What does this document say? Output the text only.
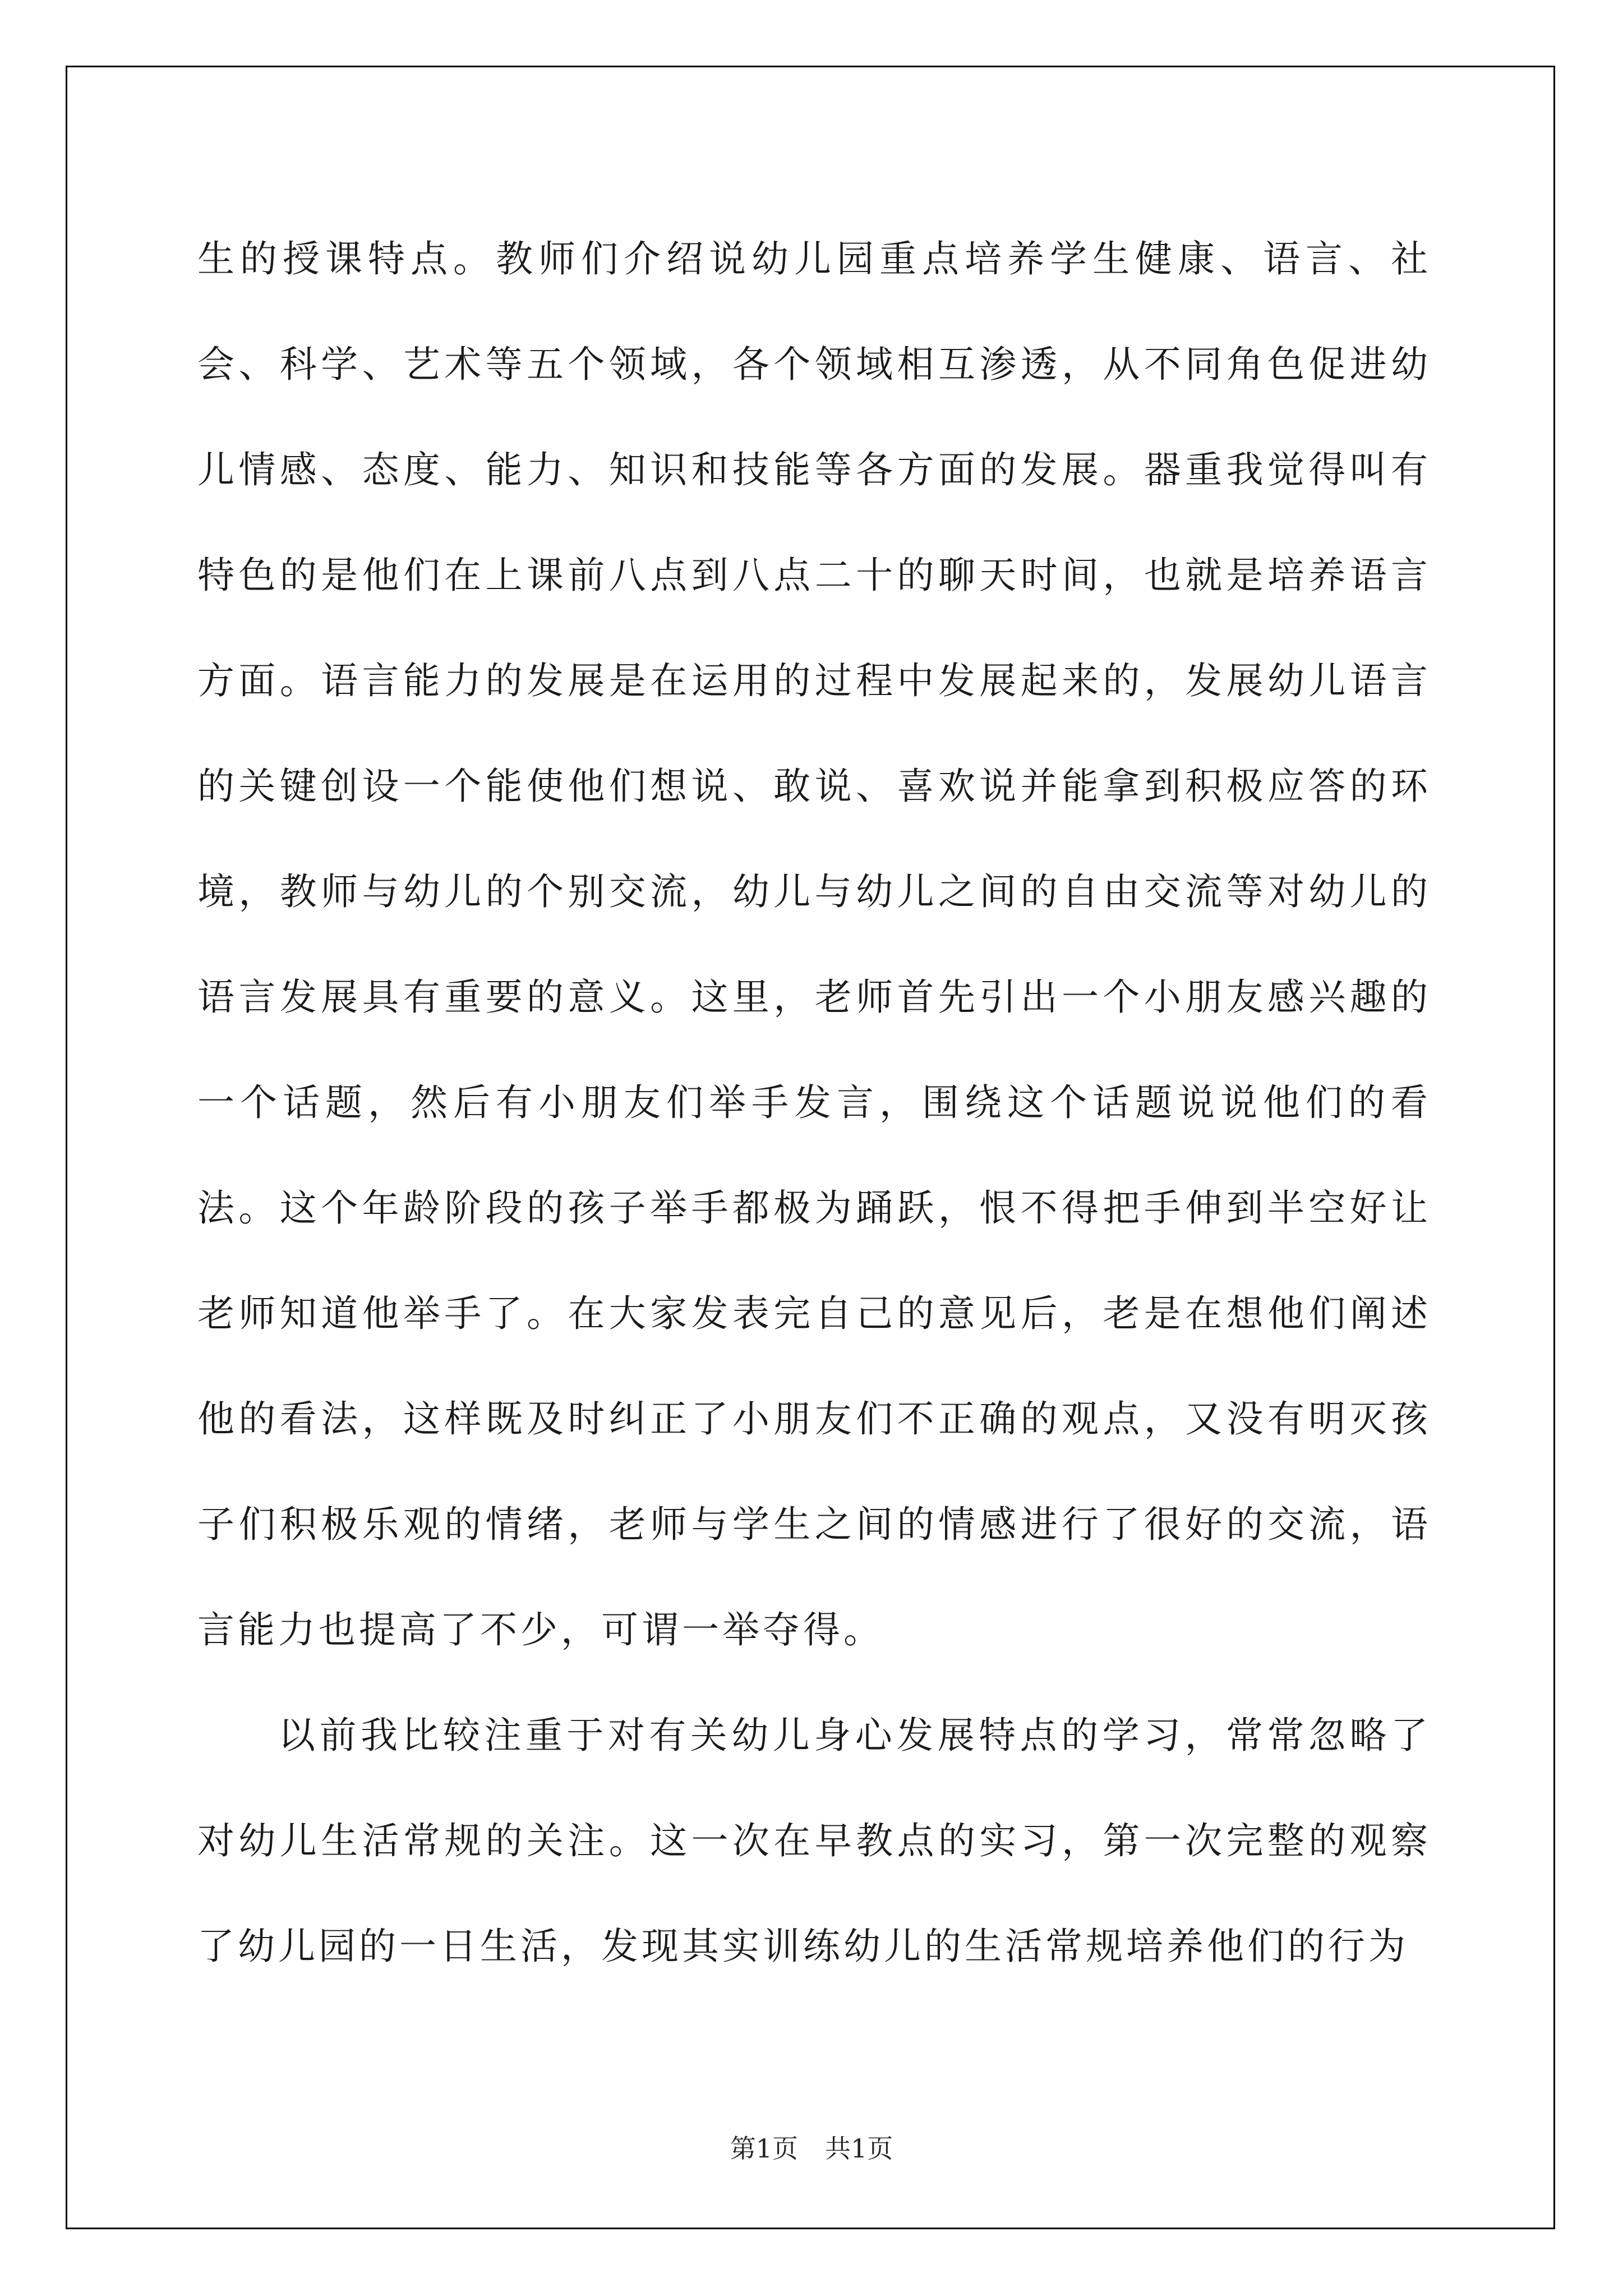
生的授课特点。教师们介绍说幼儿园重点培养学生健康、语言、社会、科学、艺术等五个领域，各个领域相互渗透，从不同角色促进幼儿情感、态度、能力、知识和技能等各方面的发展。器重我觉得叫有特色的是他们在上课前八点到八点二十的聊天时间，也就是培养语言方面。语言能力的发展是在运用的过程中发展起来的，发展幼儿语言的关键创设一个能使他们想说、敢说、喜欢说并能拿到积极应答的环境，教师与幼儿的个别交流，幼儿与幼儿之间的自由交流等对幼儿的语言发展具有重要的意义。这里，老师首先引出一个小朋友感兴趣的一个话题，然后有小朋友们举手发言，围绕这个话题说说他们的看法。这个年龄阶段的孩子举手都极为踊跃，恨不得把手伸到半空好让老师知道他举手了。在大家发表完自己的意见后，老是在想他们阐述他的看法，这样既及时纠正了小朋友们不正确的观点，又没有明灭孩子们积极乐观的情绪，老师与学生之间的情感进行了很好的交流，语言能力也提高了不少，可谓一举夺得。

以前我比较注重于对有关幼儿身心发展特点的学习，常常忽略了对幼儿生活常规的关注。这一次在早教点的实习，第一次完整的观察了幼儿园的一日生活，发现其实训练幼儿的生活常规培养他们的行为

第1页 共1页
